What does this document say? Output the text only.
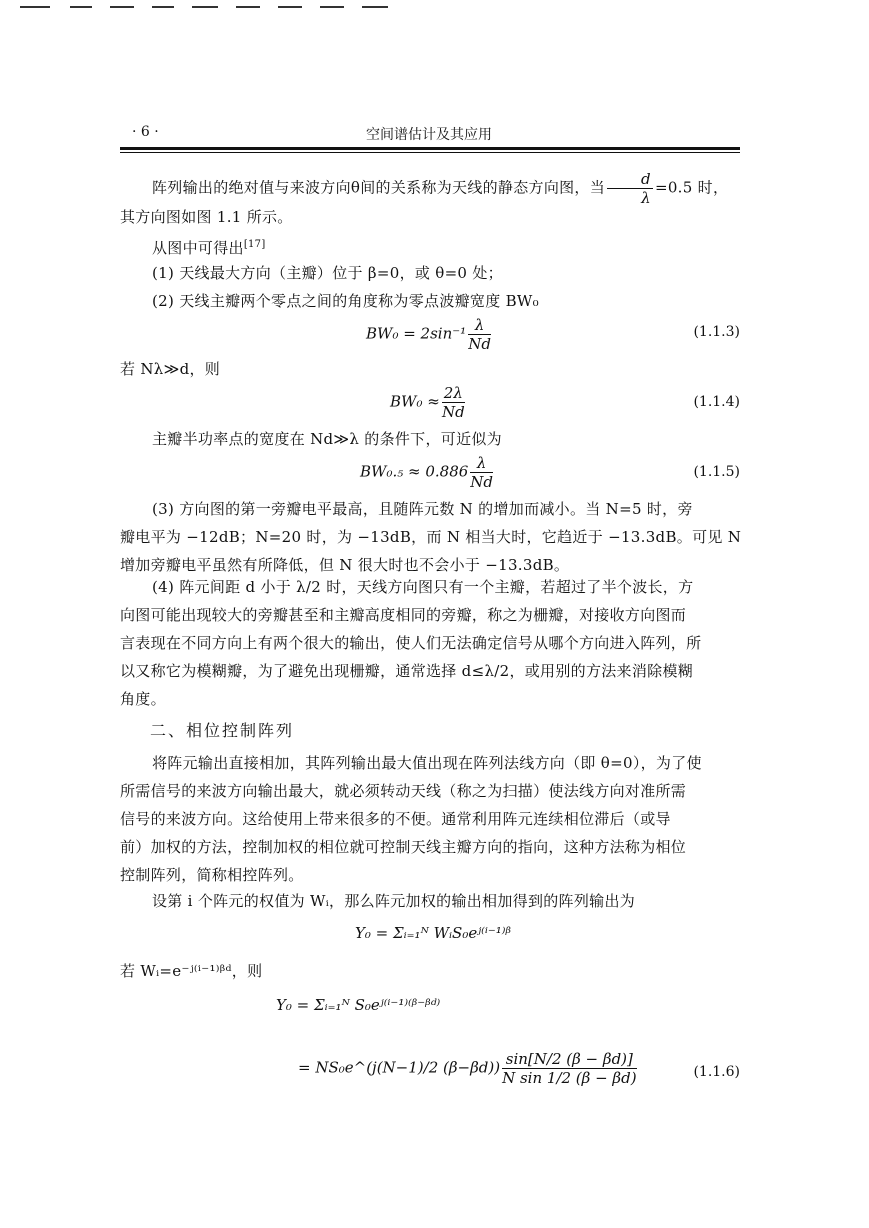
· 6 ·	空间谱估计及其应用
阵列输出的绝对值与来波方向θ间的关系称为天线的静态方向图，当 $\frac{d}{\lambda} =0.5$ 时，
其方向图如图 1.1 所示。
从图中可得出[17]
(1) 天线最大方向（主瓣）位于 β=0，或 θ=0 处；
(2) 天线主瓣两个零点之间的角度称为零点波瓣宽度 BW₀
$BW_0 = 2\sin^{-1} \frac{\lambda}{Nd}$	(1.1.3)
若 Nλ≫d，则
$BW_0 \approx \frac{2\lambda}{Nd}$	(1.1.4)
主瓣半功率点的宽度在 Nd≫λ 的条件下，可近似为
$BW_0._5 \approx 0.886 \frac{\lambda}{Nd}$	(1.1.5)
(3) 方向图的第一旁瓣电平最高，且随阵元数 N 的增加而减小。当 N=5 时，旁
瓣电平为 −12dB；N=20 时，为 −13dB，而 N 相当大时，它趋近于 −13.3dB。可见 N
增加旁瓣电平虽然有所降低，但 N 很大时也不会小于 −13.3dB。
(4) 阵元间距 d 小于 λ/2 时，天线方向图只有一个主瓣，若超过了半个波长，方
向图可能出现较大的旁瓣甚至和主瓣高度相同的旁瓣，称之为栅瓣，对接收方向图而
言表现在不同方向上有两个很大的输出，使人们无法确定信号从哪个方向进入阵列，所
以又称它为模糊瓣，为了避免出现栅瓣，通常选择 d≤λ/2，或用别的方法来消除模糊
角度。
二、相位控制阵列
将阵元输出直接相加，其阵列输出最大值出现在阵列法线方向（即 θ=0），为了使
所需信号的来波方向输出最大，就必须转动天线（称之为扫描）使法线方向对准所需
信号的来波方向。这给使用上带来很多的不便。通常利用阵元连续相位滞后（或导
前）加权的方法，控制加权的相位就可控制天线主瓣方向的指向，这种方法称为相位
控制阵列，简称相控阵列。
设第 i 个阵元的权值为 Wᵢ，那么阵元加权的输出相加得到的阵列输出为
Y₀ = Σᵢ₌₁ᴺ WᵢS₀eʲ⁽ⁱ⁻¹⁾ᵝ
若 Wᵢ=e⁻ʲ⁽ⁱ⁻¹⁾ᵝᵈ，则
Y₀ = Σᵢ₌₁ᴺ S₀eʲ⁽ⁱ⁻¹⁾⁽ᵝ⁻ᵝᵈ⁾
= NS₀e^(j(N−1)/2 $(\beta-\beta d)) \frac{\sin[N/2 (\beta - \beta d)]}{\text{N sin 1/2 (β − βd)}}$	(1.1.6)
